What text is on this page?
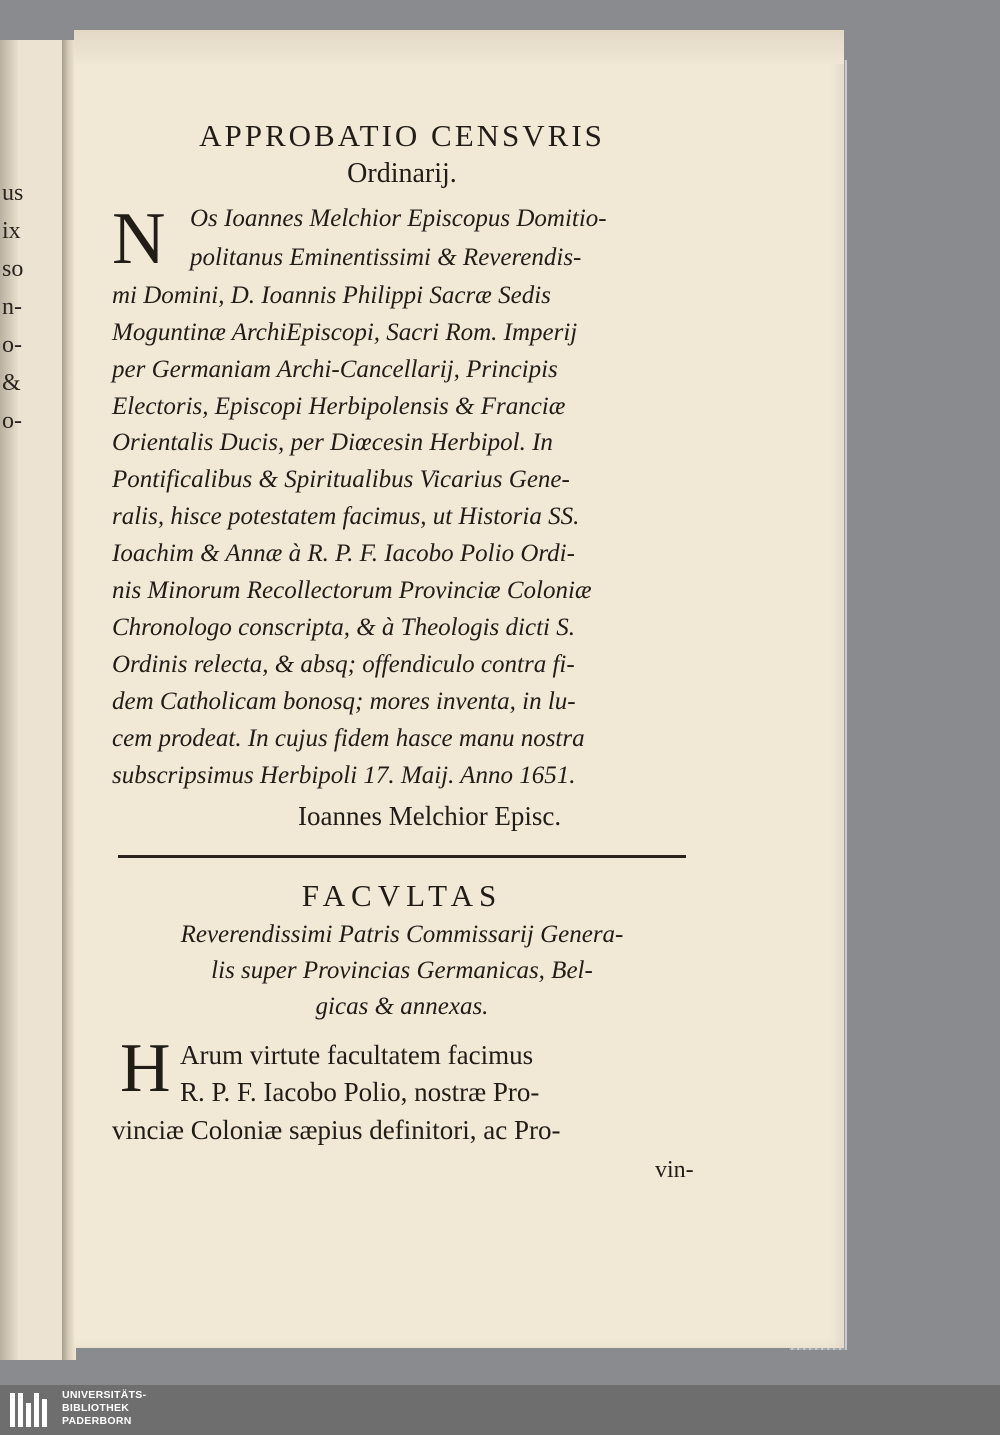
us
ix
so
n-
o-
&
o-
APPROBATIO CENSVRIS
Ordinarij.
N Os Ioannes Melchior Episcopus Domitio-
politanus Eminentissimi & Reverendis-
mi Domini, D. Ioannis Philippi Sacræ Sedis
Moguntinæ ArchiEpiscopi, Sacri Rom. Imperij
per Germaniam Archi-Cancellarij, Principis
Electoris, Episcopi Herbipolensis & Franciæ
Orientalis Ducis, per Diœcesin Herbipol. In
Pontificalibus & Spiritualibus Vicarius Gene-
ralis, hisce potestatem facimus, ut Historia SS.
Ioachim & Annæ à R. P. F. Iacobo Polio Ordi-
nis Minorum Recollectorum Provinciæ Coloniæ
Chronologo conscripta, & à Theologis dicti S.
Ordinis relecta, & absq; offendiculo contra fi-
dem Catholicam bonosq; mores inventa, in lu-
cem prodeat. In cujus fidem hasce manu nostra
subscripsimus Herbipoli 17. Maij. Anno 1651.
Ioannes Melchior Episc.
FACVLTAS
Reverendissimi Patris Commissarij Genera-
lis super Provincias Germanicas, Bel-
gicas & annexas.
H Arum virtute facultatem facimus
R. P. F. Iacobo Polio, nostræ Pro-
vinciæ Coloniæ sæpius definitori, ac Pro-
vin-
UNIVERSITÄTS-
BIBLIOTHEK
PADERBORN
